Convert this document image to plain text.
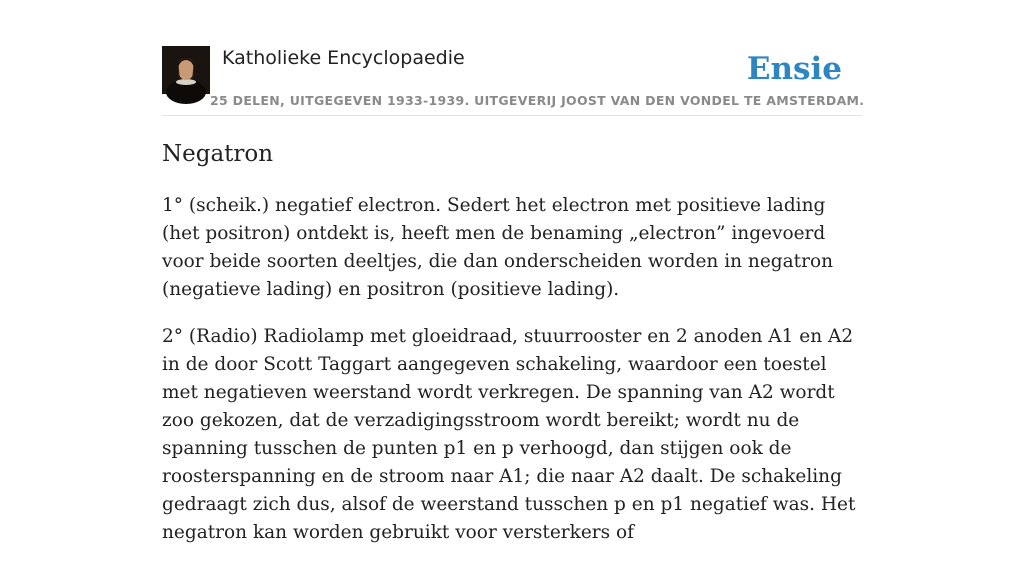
Katholieke Encyclopaedie
25 DELEN, UITGEGEVEN 1933-1939. UITGEVERIJ JOOST VAN DEN VONDEL TE AMSTERDAM.
Ensie
Negatron

1° (scheik.) negatief electron. Sedert het electron met positieve lading (het positron) ontdekt is, heeft men de benaming „electron” ingevoerd voor beide soorten deeltjes, die dan onderscheiden worden in negatron (negatieve lading) en positron (positieve lading).

2° (Radio) Radiolamp met gloeidraad, stuurrooster en 2 anoden A1 en A2 in de door Scott Taggart aangegeven schakeling, waardoor een toestel met negatieven weerstand wordt verkregen. De spanning van A2 wordt zoo gekozen, dat de verzadigingsstroom wordt bereikt; wordt nu de spanning tusschen de punten p1 en p verhoogd, dan stijgen ook de roosterspanning en de stroom naar A1; die naar A2 daalt. De schakeling gedraagt zich dus, alsof de weerstand tusschen p en p1 negatief was. Het negatron kan worden gebruikt voor versterkers of
